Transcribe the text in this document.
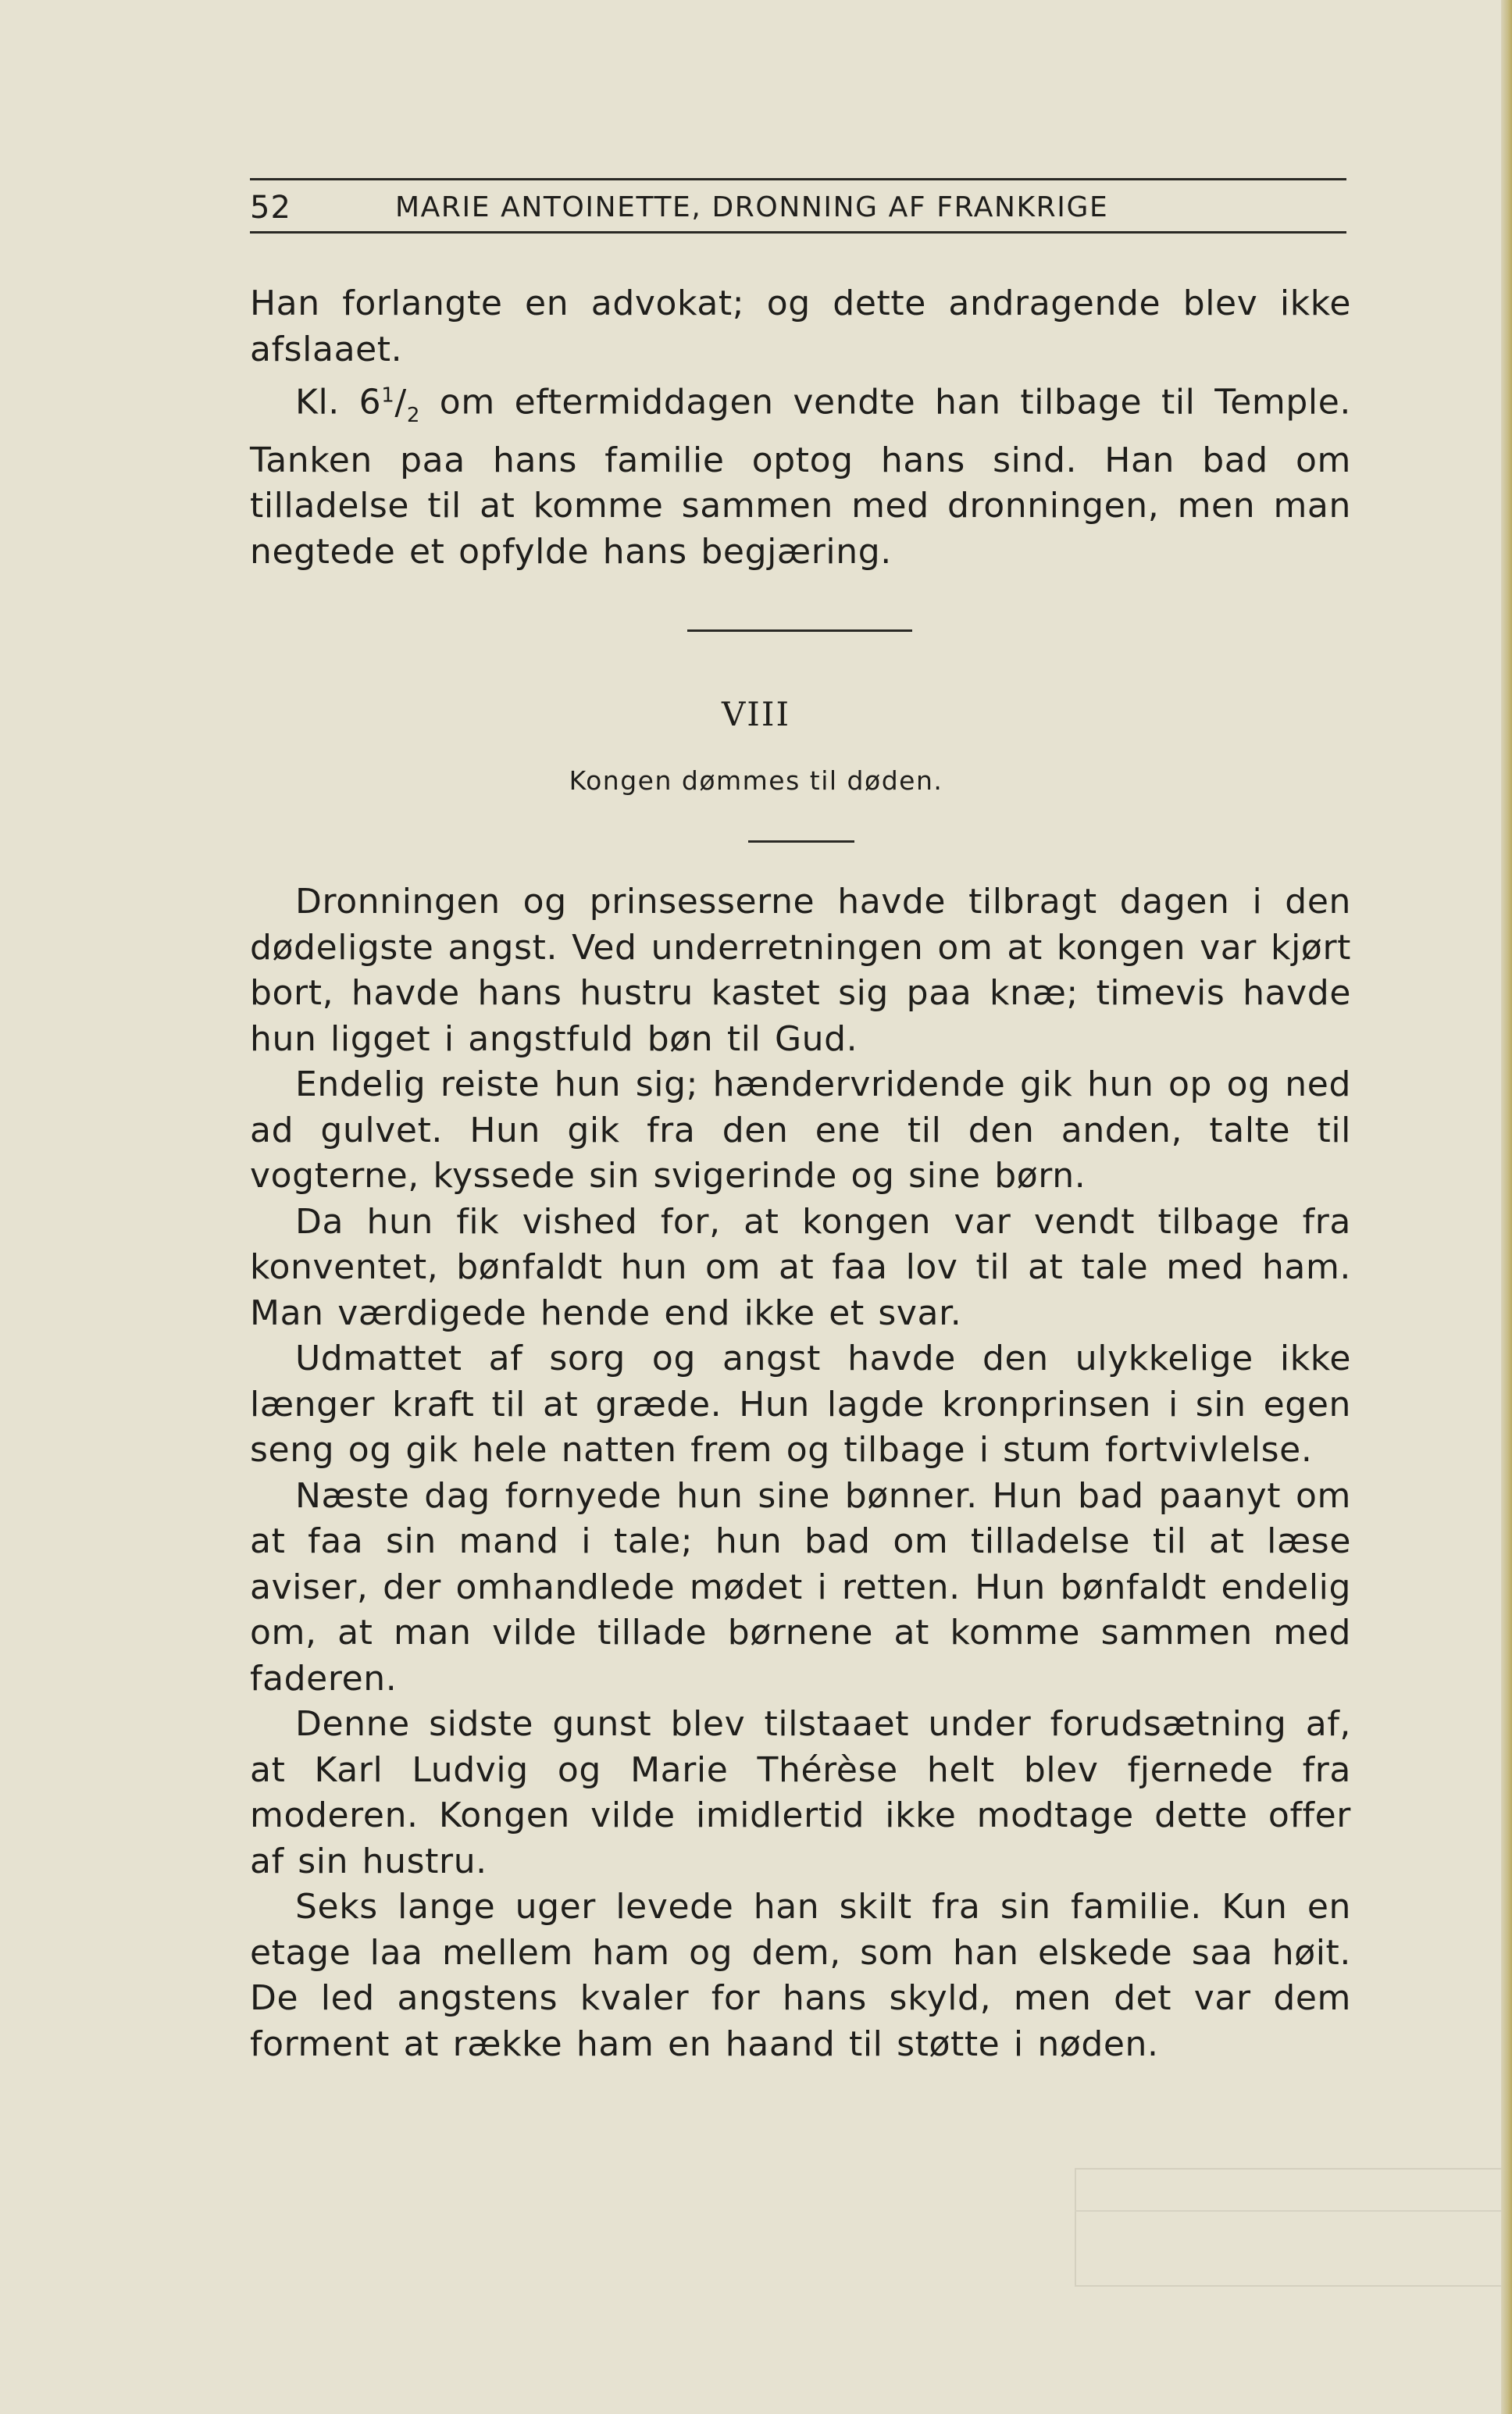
52	MARIE ANTOINETTE, DRONNING AF FRANKRIGE

Han forlangte en advokat; og dette andragende blev ikke afslaaet.

Kl. $6^1/_2$ om eftermiddagen vendte han tilbage til Temple. Tanken paa hans familie optog hans sind. Han bad om tilladelse til at komme sammen med dronningen, men man negtede et opfylde hans begjæring.

VIII
Kongen dømmes til døden.

Dronningen og prinsesserne havde tilbragt dagen i den dødeligste angst. Ved underretningen om at kongen var kjørt bort, havde hans hustru kastet sig paa knæ; timevis havde hun ligget i angstfuld bøn til Gud.

Endelig reiste hun sig; hændervridende gik hun op og ned ad gulvet. Hun gik fra den ene til den anden, talte til vogterne, kyssede sin svigerinde og sine børn.

Da hun fik vished for, at kongen var vendt tilbage fra konventet, bønfaldt hun om at faa lov til at tale med ham. Man værdigede hende end ikke et svar.

Udmattet af sorg og angst havde den ulykkelige ikke længer kraft til at græde. Hun lagde kronprinsen i sin egen seng og gik hele natten frem og tilbage i stum fortvivlelse.

Næste dag fornyede hun sine bønner. Hun bad paanyt om at faa sin mand i tale; hun bad om tilladelse til at læse aviser, der omhandlede mødet i retten. Hun bønfaldt endelig om, at man vilde tillade børnene at komme sammen med faderen.

Denne sidste gunst blev tilstaaet under forudsætning af, at Karl Ludvig og Marie Thérèse helt blev fjernede fra moderen. Kongen vilde imidlertid ikke modtage dette offer af sin hustru.

Seks lange uger levede han skilt fra sin familie. Kun en etage laa mellem ham og dem, som han elskede saa høit. De led angstens kvaler for hans skyld, men det var dem forment at række ham en haand til støtte i nøden.
